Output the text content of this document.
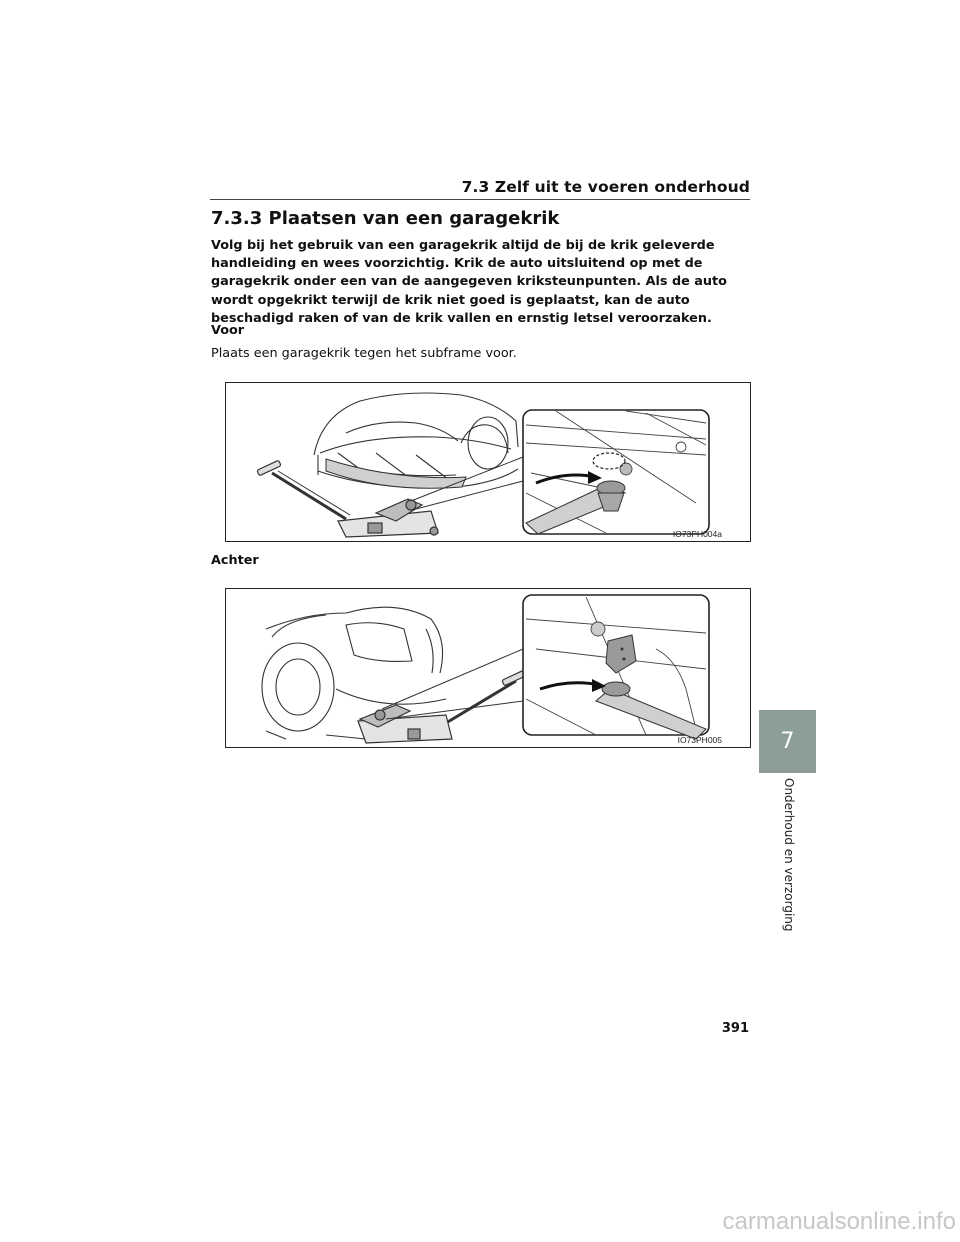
7.3 Zelf uit te voeren onderhoud
7.3.3 Plaatsen van een garagekrik
Volg bij het gebruik van een garagekrik altijd de bij de krik geleverde handleiding en wees voorzichtig. Krik de auto uitsluitend op met de garagekrik onder een van de aangegeven kriksteunpunten. Als de auto wordt opgekrikt terwijl de krik niet goed is geplaatst, kan de auto beschadigd raken of van de krik vallen en ernstig letsel veroorzaken.
Voor
Plaats een garagekrik tegen het subframe voor.
IO73PH004a
Achter
IO73PH005	7
Onderhoud en verzorging
391
carmanualsonline.info
